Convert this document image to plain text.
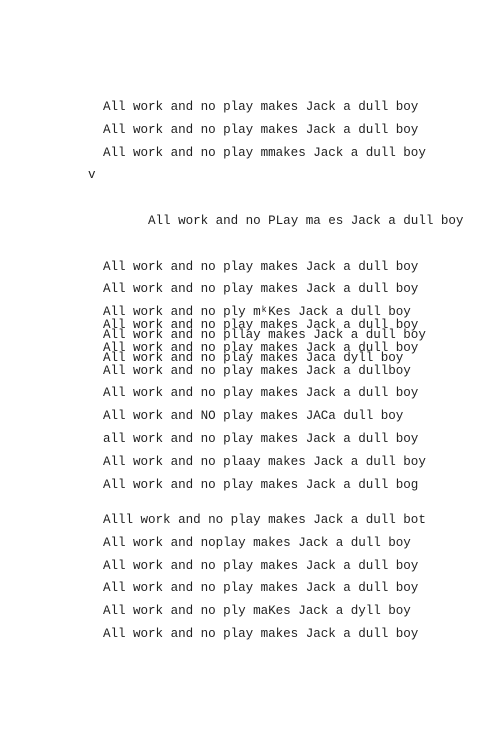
All work and no play makes Jack a dull boy
All work and no play makes Jack a dull boy
All work and no play mmakes Jack a dull boy

v

All work and no PLay ma es Jack a dull boy

All work and no play makes Jack a dull boy
All work and no play makes Jack a dull boy
All work and no ply mᵏKes Jack a dull boy
All work and no pllay makes Jack a dull boy
All work and no play makes Jaca dyll boy
All work and no play makes Jack a dull boy
All work and no play makes Jack a dull boy
All work and no play makes Jack a dullboy
All work and no play makes Jack a dull boy
All work and NO play makes JACa dull boy
all work and no play makes Jack a dull boy
All work and no plaay makes Jack a dull boy
All work and no play makes Jack a dull bog
Alll work and no play makes Jack a dull bot
All work and noplay makes Jack a dull boy
All work and no play makes Jack a dull boy
All work and no play makes Jack a dull boy
All work and no ply maKes Jack a dyll boy
All work and no play makes Jack a dull boy
